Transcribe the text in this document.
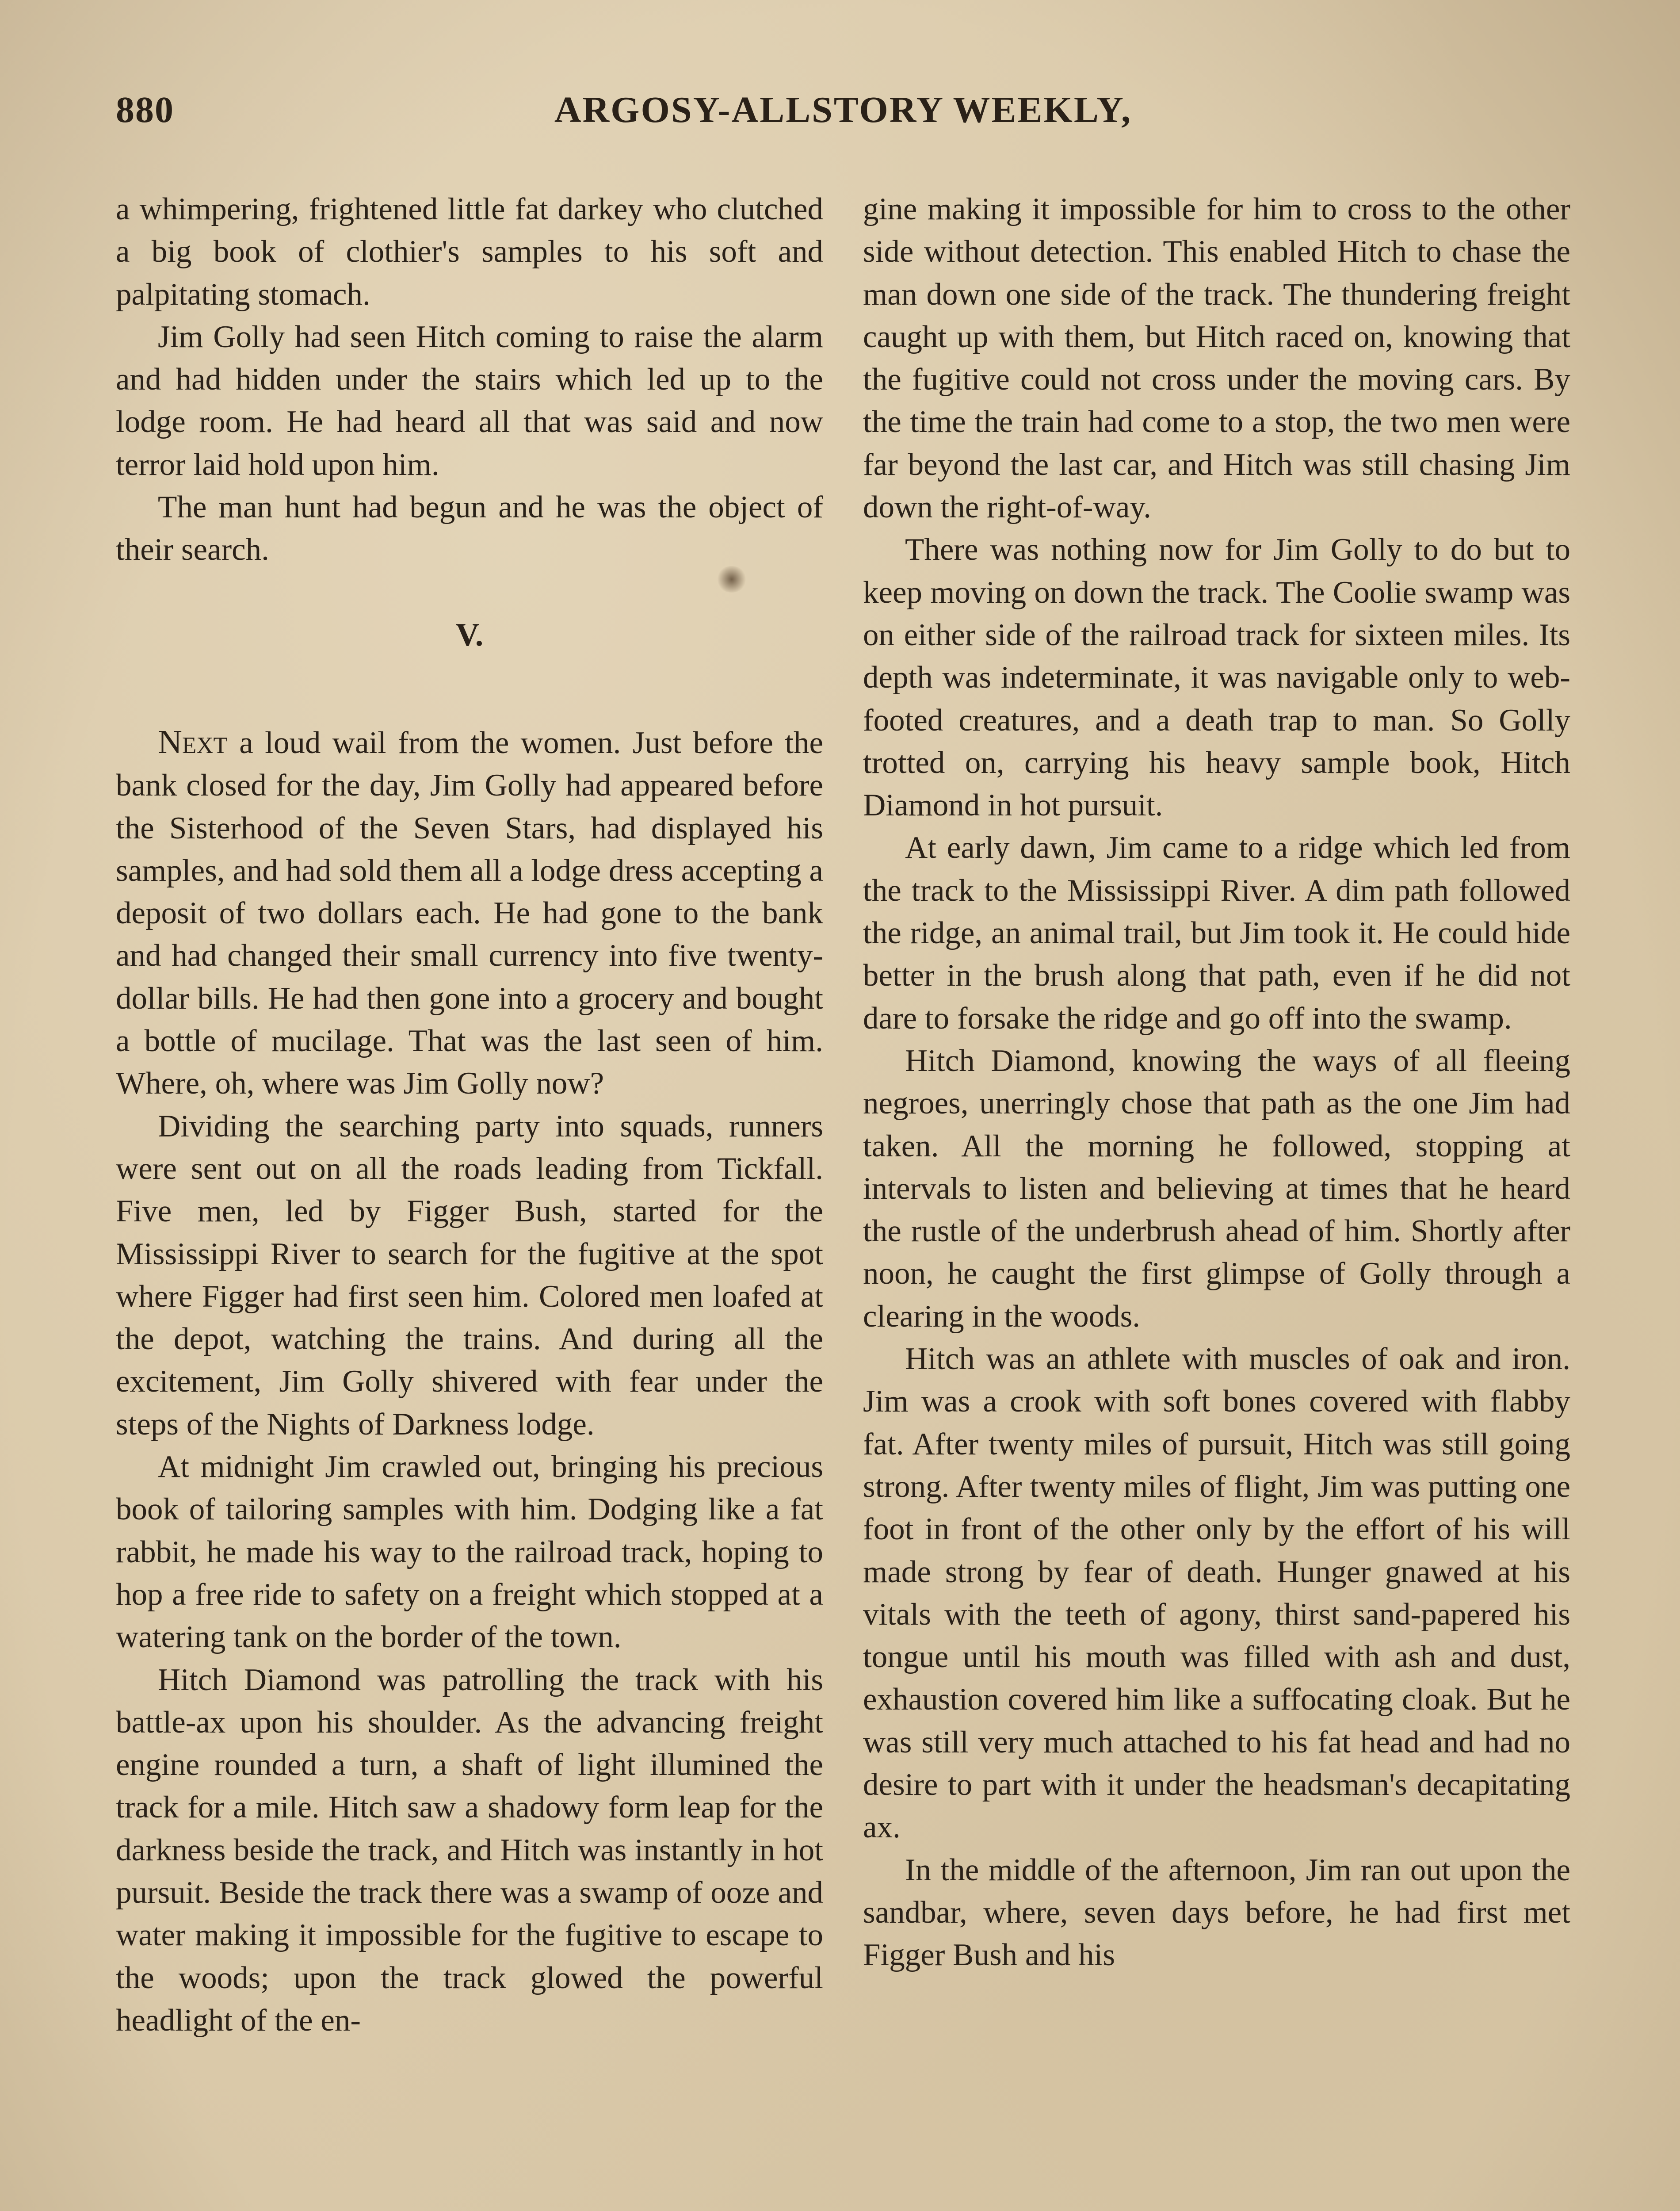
880	ARGOSY-ALLSTORY WEEKLY,

a whimpering, frightened little fat darkey who clutched a big book of clothier's samples to his soft and palpitating stomach.

Jim Golly had seen Hitch coming to raise the alarm and had hidden under the stairs which led up to the lodge room. He had heard all that was said and now terror laid hold upon him.

The man hunt had begun and he was the object of their search.

V.

Next a loud wail from the women. Just before the bank closed for the day, Jim Golly had appeared before the Sisterhood of the Seven Stars, had displayed his samples, and had sold them all a lodge dress accepting a deposit of two dollars each. He had gone to the bank and had changed their small currency into five twenty-dollar bills. He had then gone into a grocery and bought a bottle of mucilage. That was the last seen of him. Where, oh, where was Jim Golly now?

Dividing the searching party into squads, runners were sent out on all the roads leading from Tickfall. Five men, led by Figger Bush, started for the Mississippi River to search for the fugitive at the spot where Figger had first seen him. Colored men loafed at the depot, watching the trains. And during all the excitement, Jim Golly shivered with fear under the steps of the Nights of Darkness lodge.

At midnight Jim crawled out, bringing his precious book of tailoring samples with him. Dodging like a fat rabbit, he made his way to the railroad track, hoping to hop a free ride to safety on a freight which stopped at a watering tank on the border of the town.

Hitch Diamond was patrolling the track with his battle-ax upon his shoulder. As the advancing freight engine rounded a turn, a shaft of light illumined the track for a mile. Hitch saw a shadowy form leap for the darkness beside the track, and Hitch was instantly in hot pursuit. Beside the track there was a swamp of ooze and water making it impossible for the fugitive to escape to the woods; upon the track glowed the powerful headlight of the en-

gine making it impossible for him to cross to the other side without detection. This enabled Hitch to chase the man down one side of the track. The thundering freight caught up with them, but Hitch raced on, knowing that the fugitive could not cross under the moving cars. By the time the train had come to a stop, the two men were far beyond the last car, and Hitch was still chasing Jim down the right-of-way.

There was nothing now for Jim Golly to do but to keep moving on down the track. The Coolie swamp was on either side of the railroad track for sixteen miles. Its depth was indeterminate, it was navigable only to web-footed creatures, and a death trap to man. So Golly trotted on, carrying his heavy sample book, Hitch Diamond in hot pursuit.

At early dawn, Jim came to a ridge which led from the track to the Mississippi River. A dim path followed the ridge, an animal trail, but Jim took it. He could hide better in the brush along that path, even if he did not dare to forsake the ridge and go off into the swamp.

Hitch Diamond, knowing the ways of all fleeing negroes, unerringly chose that path as the one Jim had taken. All the morning he followed, stopping at intervals to listen and believing at times that he heard the rustle of the underbrush ahead of him. Shortly after noon, he caught the first glimpse of Golly through a clearing in the woods.

Hitch was an athlete with muscles of oak and iron. Jim was a crook with soft bones covered with flabby fat. After twenty miles of pursuit, Hitch was still going strong. After twenty miles of flight, Jim was putting one foot in front of the other only by the effort of his will made strong by fear of death. Hunger gnawed at his vitals with the teeth of agony, thirst sand-papered his tongue until his mouth was filled with ash and dust, exhaustion covered him like a suffocating cloak. But he was still very much attached to his fat head and had no desire to part with it under the headsman's decapitating ax.

In the middle of the afternoon, Jim ran out upon the sandbar, where, seven days before, he had first met Figger Bush and his
